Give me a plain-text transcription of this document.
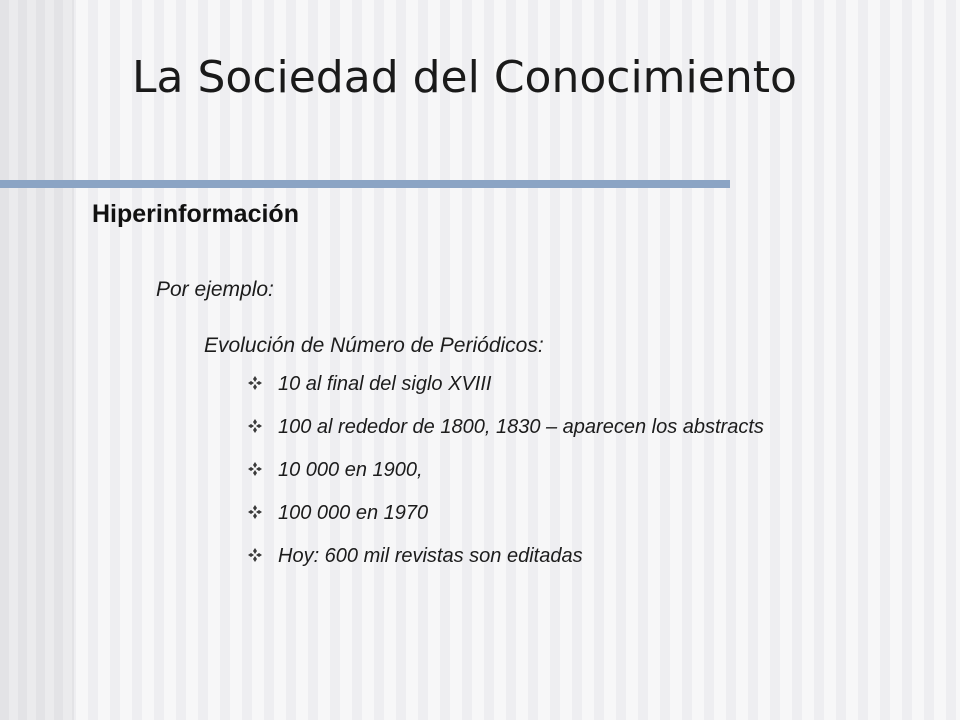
La Sociedad del Conocimiento
Hiperinformación
Por ejemplo:
Evolución de Número de Periódicos:
10 al final del siglo XVIII
100 al rededor de 1800, 1830 – aparecen los abstracts
10 000 en 1900,
100 000 en 1970
Hoy: 600 mil revistas son editadas
